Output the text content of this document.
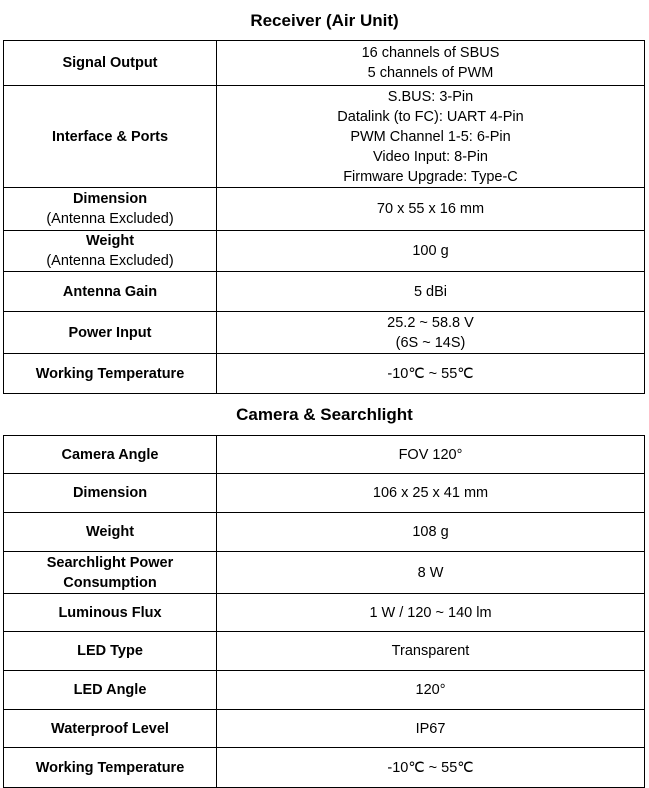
Receiver (Air Unit)
Signal Output	16 channels of SBUS
5 channels of PWM

Interface & Ports	S.BUS: 3-Pin
Datalink (to FC): UART 4-Pin
PWM Channel 1-5: 6-Pin
Video Input: 8-Pin
Firmware Upgrade: Type-C

Dimension
(Antenna Excluded)	70 x 55 x 16 mm

Weight
(Antenna Excluded)	100 g

Antenna Gain	5 dBi

Power Input	25.2 ~ 58.8 V
(6S ~ 14S)

Working Temperature	-10℃ ~ 55℃
Camera & Searchlight
Camera Angle	FOV 120°

Dimension	106 x 25 x 41 mm

Weight	108 g

Searchlight Power Consumption	8 W

Luminous Flux	1 W / 120 ~ 140 lm

LED Type	Transparent

LED Angle	120°

Waterproof Level	IP67

Working Temperature	-10℃ ~ 55℃
